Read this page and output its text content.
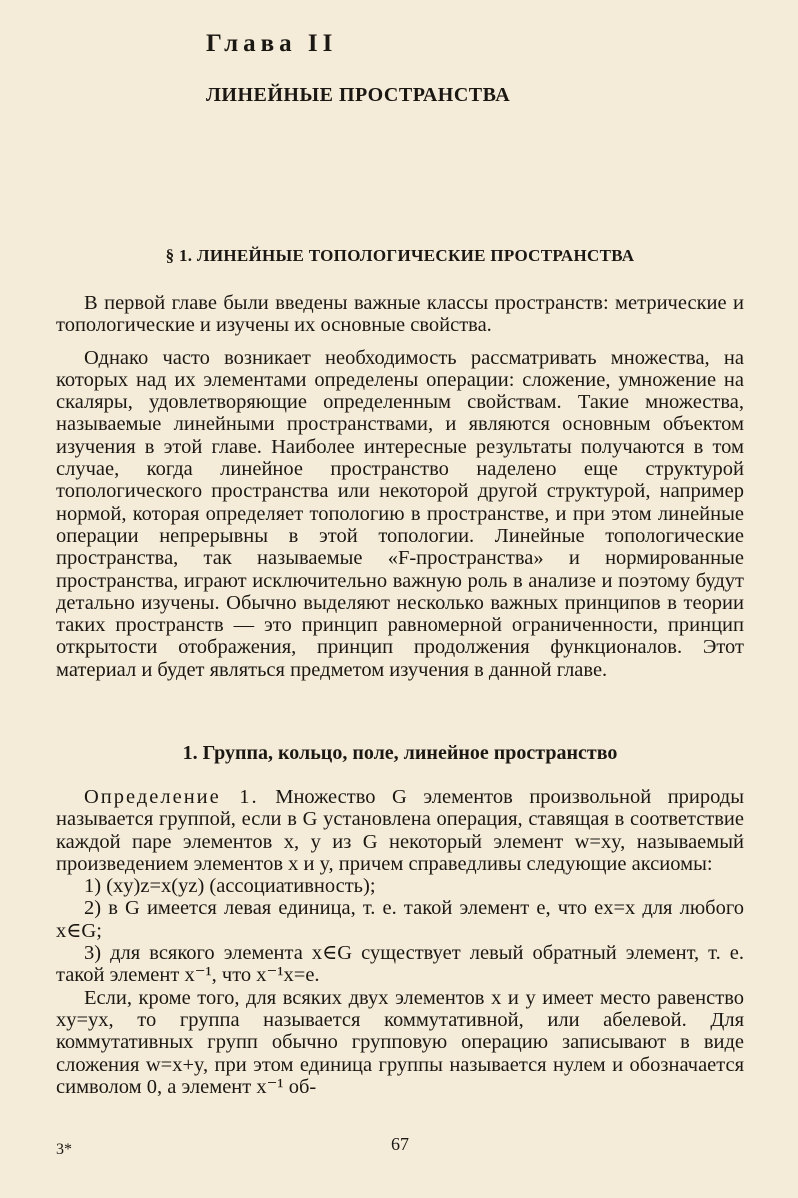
Глава II
ЛИНЕЙНЫЕ ПРОСТРАНСТВА
§ 1. ЛИНЕЙНЫЕ ТОПОЛОГИЧЕСКИЕ ПРОСТРАНСТВА

В первой главе были введены важные классы пространств: метрические и топологические и изучены их основные свойства.

Однако часто возникает необходимость рассматривать множества, на которых над их элементами определены операции: сложение, умножение на скаляры, удовлетворяющие определенным свойствам. Такие множества, называемые линейными пространствами, и являются основным объектом изучения в этой главе. Наиболее интересные результаты получаются в том случае, когда линейное пространство наделено еще структурой топологического пространства или некоторой другой структурой, например нормой, которая определяет топологию в пространстве, и при этом линейные операции непрерывны в этой топологии. Линейные топологические пространства, так называемые «F-пространства» и нормированные пространства, играют исключительно важную роль в анализе и поэтому будут детально изучены. Обычно выделяют несколько важных принципов в теории таких пространств — это принцип равномерной ограниченности, принцип открытости отображения, принцип продолжения функционалов. Этот материал и будет являться предметом изучения в данной главе.

1. Группа, кольцо, поле, линейное пространство

Определение 1. Множество G элементов произвольной природы называется группой, если в G установлена операция, ставящая в соответствие каждой паре элементов x, y из G некоторый элемент w=xy, называемый произведением элементов x и y, причем справедливы следующие аксиомы:

1) (xy)z=x(yz) (ассоциативность);

2) в G имеется левая единица, т. е. такой элемент e, что ex=x для любого x∈G;

3) для всякого элемента x∈G существует левый обратный элемент, т. е. такой элемент x⁻¹, что x⁻¹x=e.

Если, кроме того, для всяких двух элементов x и y имеет место равенство xy=yx, то группа называется коммутативной, или абелевой. Для коммутативных групп обычно групповую операцию записывают в виде сложения w=x+y, при этом единица группы называется нулем и обозначается символом 0, а элемент x⁻¹ об-

3*	67
